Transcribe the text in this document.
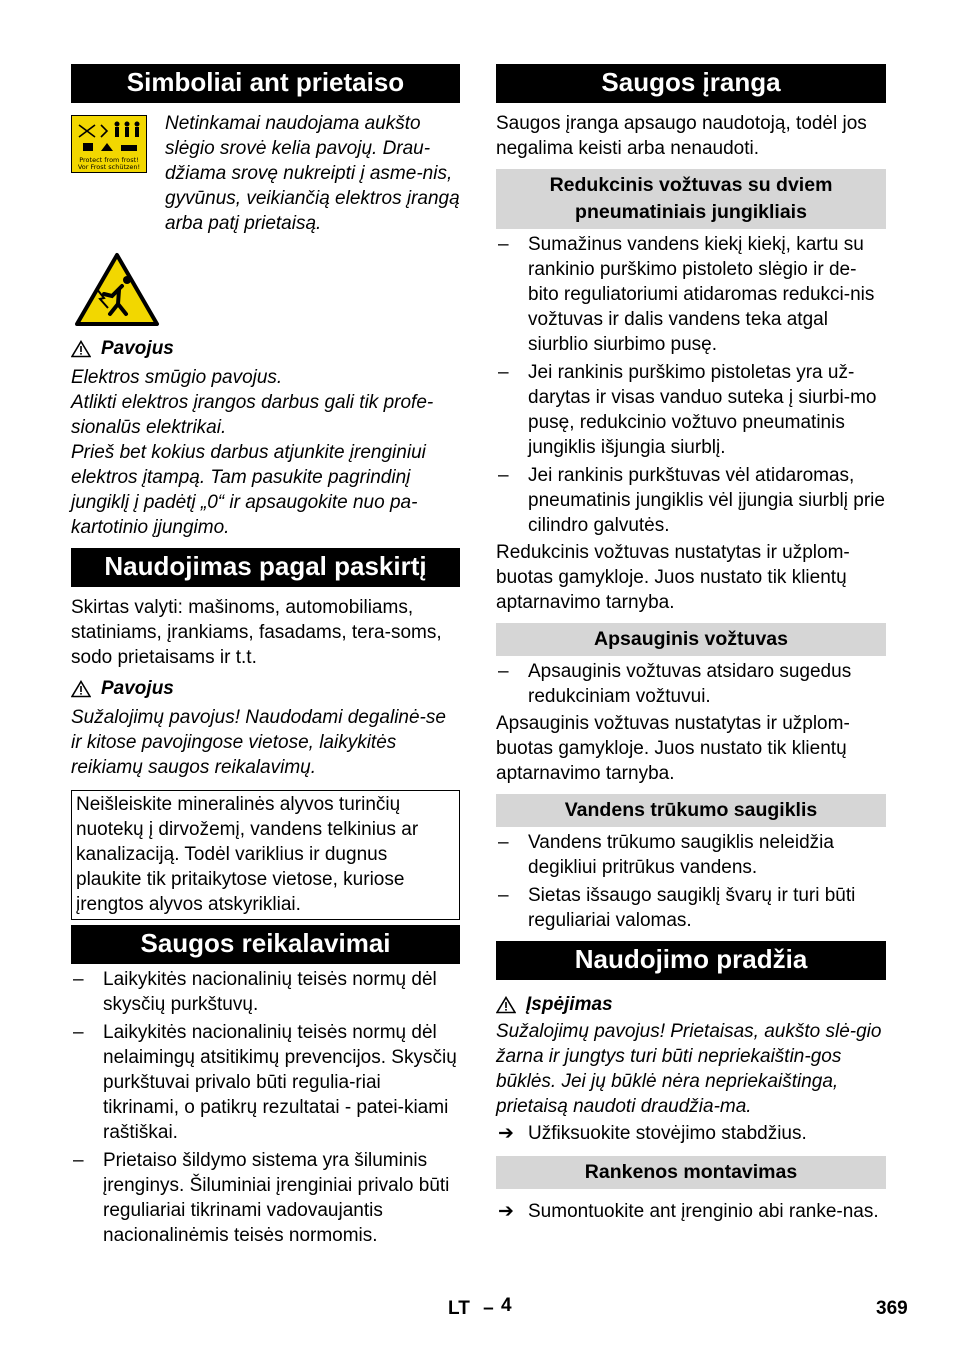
Simboliai ant prietaiso
Protect from frost!
Vor Frost schützen!

Netinkamai naudojama aukšto slėgio srovė kelia pavojų. Drau-džiama srovę nukreipti į asme-nis, gyvūnus, veikiančią elektros įrangą arba patį prietaisą.

Pavojus

Elektros smūgio pavojus.

Atlikti elektros įrangos darbus gali tik profe-sionalūs elektrikai.

Prieš bet kokius darbus atjunkite įrenginiui elektros įtampą. Tam pasukite pagrindinį jungiklį į padėtį „0“ ir apsaugokite nuo pa-kartotinio įjungimo.

Naudojimas pagal paskirtį

Skirtas valyti: mašinoms, automobiliams, statiniams, įrankiams, fasadams, tera-soms, sodo prietaisams ir t.t.

Pavojus

Sužalojimų pavojus! Naudodami degalinė-se ir kitose pavojingose vietose, laikykitės reikiamų saugos reikalavimų.

Neišleiskite mineralinės alyvos turinčių nuotekų į dirvožemį, vandens telkinius ar kanalizaciją. Todėl variklius ir dugnus plaukite tik pritaikytose vietose, kuriose įrengtos alyvos atskyrikliai.

Saugos reikalavimai
– Laikykitės nacionalinių teisės normų dėl skysčių purkštuvų.
– Laikykitės nacionalinių teisės normų dėl nelaimingų atsitikimų prevencijos. Skysčių purkštuvai privalo būti regulia-riai tikrinami, o patikrų rezultatai - patei-kiami raštiškai.
– Prietaiso šildymo sistema yra šiluminis įrenginys. Šiluminiai įrenginiai privalo būti reguliariai tikrinami vadovaujantis nacionalinėmis teisės normomis.
Saugos įranga

Saugos įranga apsaugo naudotoją, todėl jos negalima keisti arba nenaudoti.

Redukcinis vožtuvas su dviem pneumatiniais jungikliais
– Sumažinus vandens kiekį kiekį, kartu su rankinio purškimo pistoleto slėgio ir de-bito reguliatoriumi atidaromas redukci-nis vožtuvas ir dalis vandens teka atgal siurblio siurbimo pusę.
– Jei rankinis purškimo pistoletas yra už-darytas ir visas vanduo suteka į siurbi-mo pusę, redukcinio vožtuvo pneumatinis jungiklis išjungia siurblį.
– Jei rankinis purkštuvas vėl atidaromas, pneumatinis jungiklis vėl įjungia siurblį prie cilindro galvutės.

Redukcinis vožtuvas nustatytas ir užplom-buotas gamykloje. Juos nustato tik klientų aptarnavimo tarnyba.

Apsauginis vožtuvas
– Apsauginis vožtuvas atsidaro sugedus redukciniam vožtuvui.

Apsauginis vožtuvas nustatytas ir užplom-buotas gamykloje. Juos nustato tik klientų aptarnavimo tarnyba.

Vandens trūkumo saugiklis
– Vandens trūkumo saugiklis neleidžia degikliui pritrūkus vandens.
– Sietas išsaugo saugiklį švarų ir turi būti reguliariai valomas.
Naudojimo pradžia
Įspėjimas

Sužalojimų pavojus! Prietaisas, aukšto slė-gio žarna ir jungtys turi būti nepriekaištin-gos būklės. Jei jų būklė nėra nepriekaištinga, prietaisą naudoti draudžia-ma.

➔ Užfiksuokite stovėjimo stabdžius.
Rankenos montavimas
➔ Sumontuokite ant įrenginio abi ranke-nas.
LT – 4	369
